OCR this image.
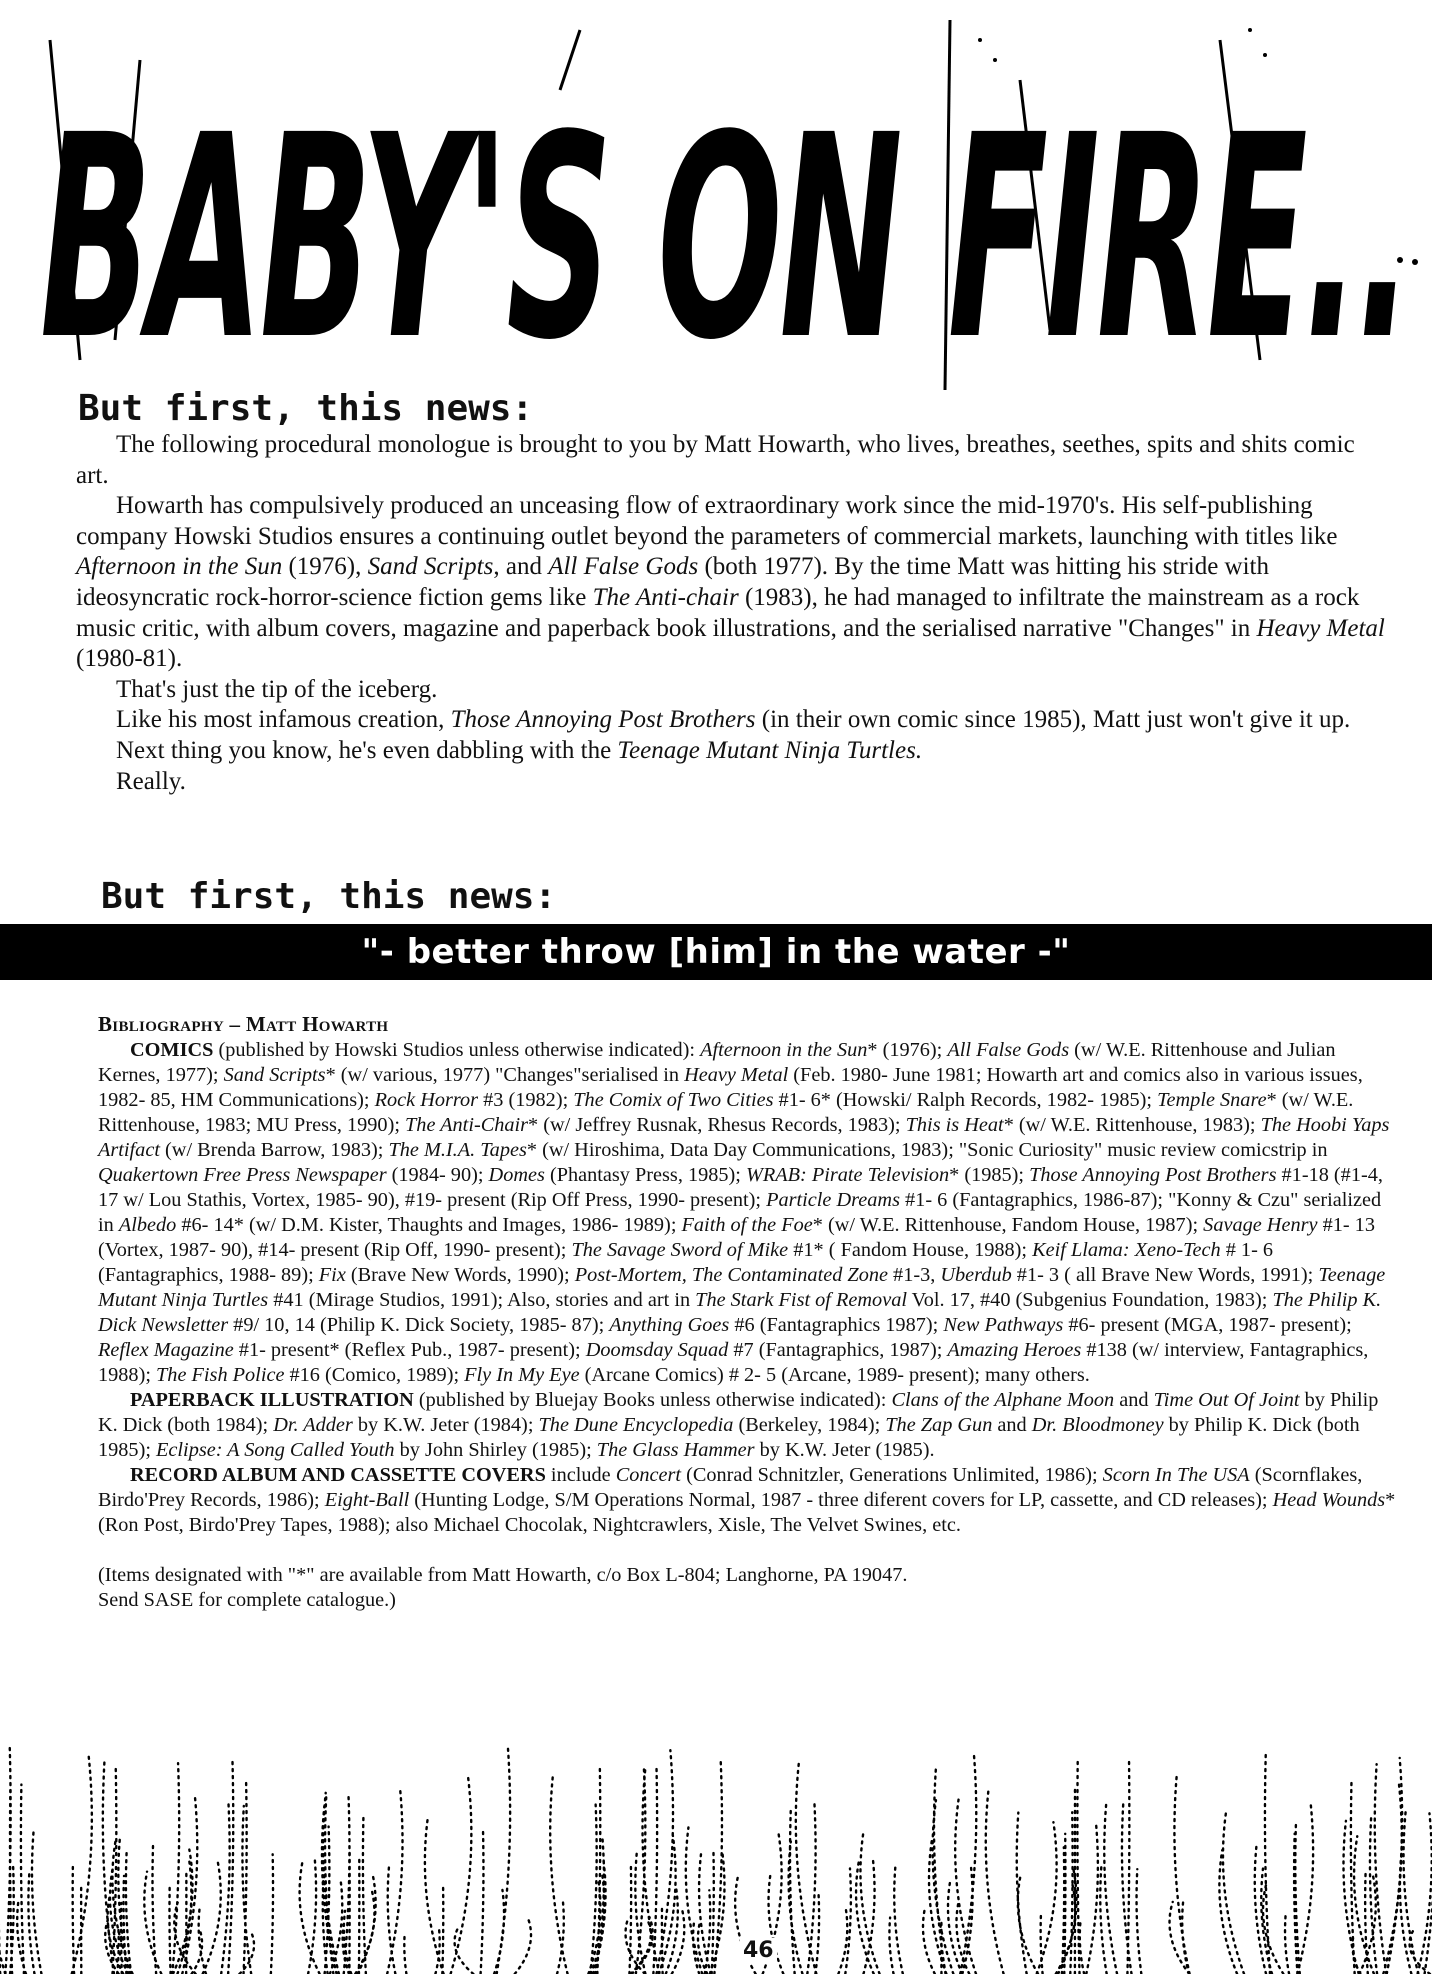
BABY'S ON FIRE..
But first, this news:

The following procedural monologue is brought to you by Matt Howarth, who lives, breathes, seethes, spits and shits comic art.

Howarth has compulsively produced an unceasing flow of extraordinary work since the mid-1970's. His self-publishing company Howski Studios ensures a continuing outlet beyond the parameters of commercial markets, launching with titles like Afternoon in the Sun (1976), Sand Scripts, and All False Gods (both 1977). By the time Matt was hitting his stride with ideosyncratic rock-horror-science fiction gems like The Anti-chair (1983), he had managed to infiltrate the mainstream as a rock music critic, with album covers, magazine and paperback book illustrations, and the serialised narrative "Changes" in Heavy Metal (1980-81).

That's just the tip of the iceberg.

Like his most infamous creation, Those Annoying Post Brothers (in their own comic since 1985), Matt just won't give it up.

Next thing you know, he's even dabbling with the Teenage Mutant Ninja Turtles.

Really.

But first, this news:
"- better throw [him] in the water -"
Bibliography – Matt Howarth

COMICS (published by Howski Studios unless otherwise indicated): Afternoon in the Sun* (1976); All False Gods (w/ W.E. Rittenhouse and Julian Kernes, 1977); Sand Scripts* (w/ various, 1977) "Changes"serialised in Heavy Metal (Feb. 1980- June 1981; Howarth art and comics also in various issues, 1982- 85, HM Communications); Rock Horror #3 (1982); The Comix of Two Cities #1- 6* (Howski/ Ralph Records, 1982- 1985); Temple Snare* (w/ W.E. Rittenhouse, 1983; MU Press, 1990); The Anti-Chair* (w/ Jeffrey Rusnak, Rhesus Records, 1983); This is Heat* (w/ W.E. Rittenhouse, 1983); The Hoobi Yaps Artifact (w/ Brenda Barrow, 1983); The M.I.A. Tapes* (w/ Hiroshima, Data Day Communications, 1983); "Sonic Curiosity" music review comicstrip in Quakertown Free Press Newspaper (1984- 90); Domes (Phantasy Press, 1985); WRAB: Pirate Television* (1985); Those Annoying Post Brothers #1-18 (#1-4, 17 w/ Lou Stathis, Vortex, 1985- 90), #19- present (Rip Off Press, 1990- present); Particle Dreams #1- 6 (Fantagraphics, 1986-87); "Konny & Czu" serialized in Albedo #6- 14* (w/ D.M. Kister, Thaughts and Images, 1986- 1989); Faith of the Foe* (w/ W.E. Rittenhouse, Fandom House, 1987); Savage Henry #1- 13 (Vortex, 1987- 90), #14- present (Rip Off, 1990- present); The Savage Sword of Mike #1* ( Fandom House, 1988); Keif Llama: Xeno-Tech # 1- 6 (Fantagraphics, 1988- 89); Fix (Brave New Words, 1990); Post-Mortem, The Contaminated Zone #1-3, Uberdub #1- 3 ( all Brave New Words, 1991); Teenage Mutant Ninja Turtles #41 (Mirage Studios, 1991); Also, stories and art in The Stark Fist of Removal Vol. 17, #40 (Subgenius Foundation, 1983); The Philip K. Dick Newsletter #9/ 10, 14 (Philip K. Dick Society, 1985- 87); Anything Goes #6 (Fantagraphics 1987); New Pathways #6- present (MGA, 1987- present); Reflex Magazine #1- present* (Reflex Pub., 1987- present); Doomsday Squad #7 (Fantagraphics, 1987); Amazing Heroes #138 (w/ interview, Fantagraphics, 1988); The Fish Police #16 (Comico, 1989); Fly In My Eye (Arcane Comics) # 2- 5 (Arcane, 1989- present); many others.

PAPERBACK ILLUSTRATION (published by Bluejay Books unless otherwise indicated): Clans of the Alphane Moon and Time Out Of Joint by Philip K. Dick (both 1984); Dr. Adder by K.W. Jeter (1984); The Dune Encyclopedia (Berkeley, 1984); The Zap Gun and Dr. Bloodmoney by Philip K. Dick (both 1985); Eclipse: A Song Called Youth by John Shirley (1985); The Glass Hammer by K.W. Jeter (1985).

RECORD ALBUM AND CASSETTE COVERS include Concert (Conrad Schnitzler, Generations Unlimited, 1986); Scorn In The USA (Scornflakes, Birdo'Prey Records, 1986); Eight-Ball (Hunting Lodge, S/M Operations Normal, 1987 - three diferent covers for LP, cassette, and CD releases); Head Wounds* (Ron Post, Birdo'Prey Tapes, 1988); also Michael Chocolak, Nightcrawlers, Xisle, The Velvet Swines, etc.

(Items designated with "*" are available from Matt Howarth, c/o Box L-804; Langhorne, PA 19047.
Send SASE for complete catalogue.)

46
